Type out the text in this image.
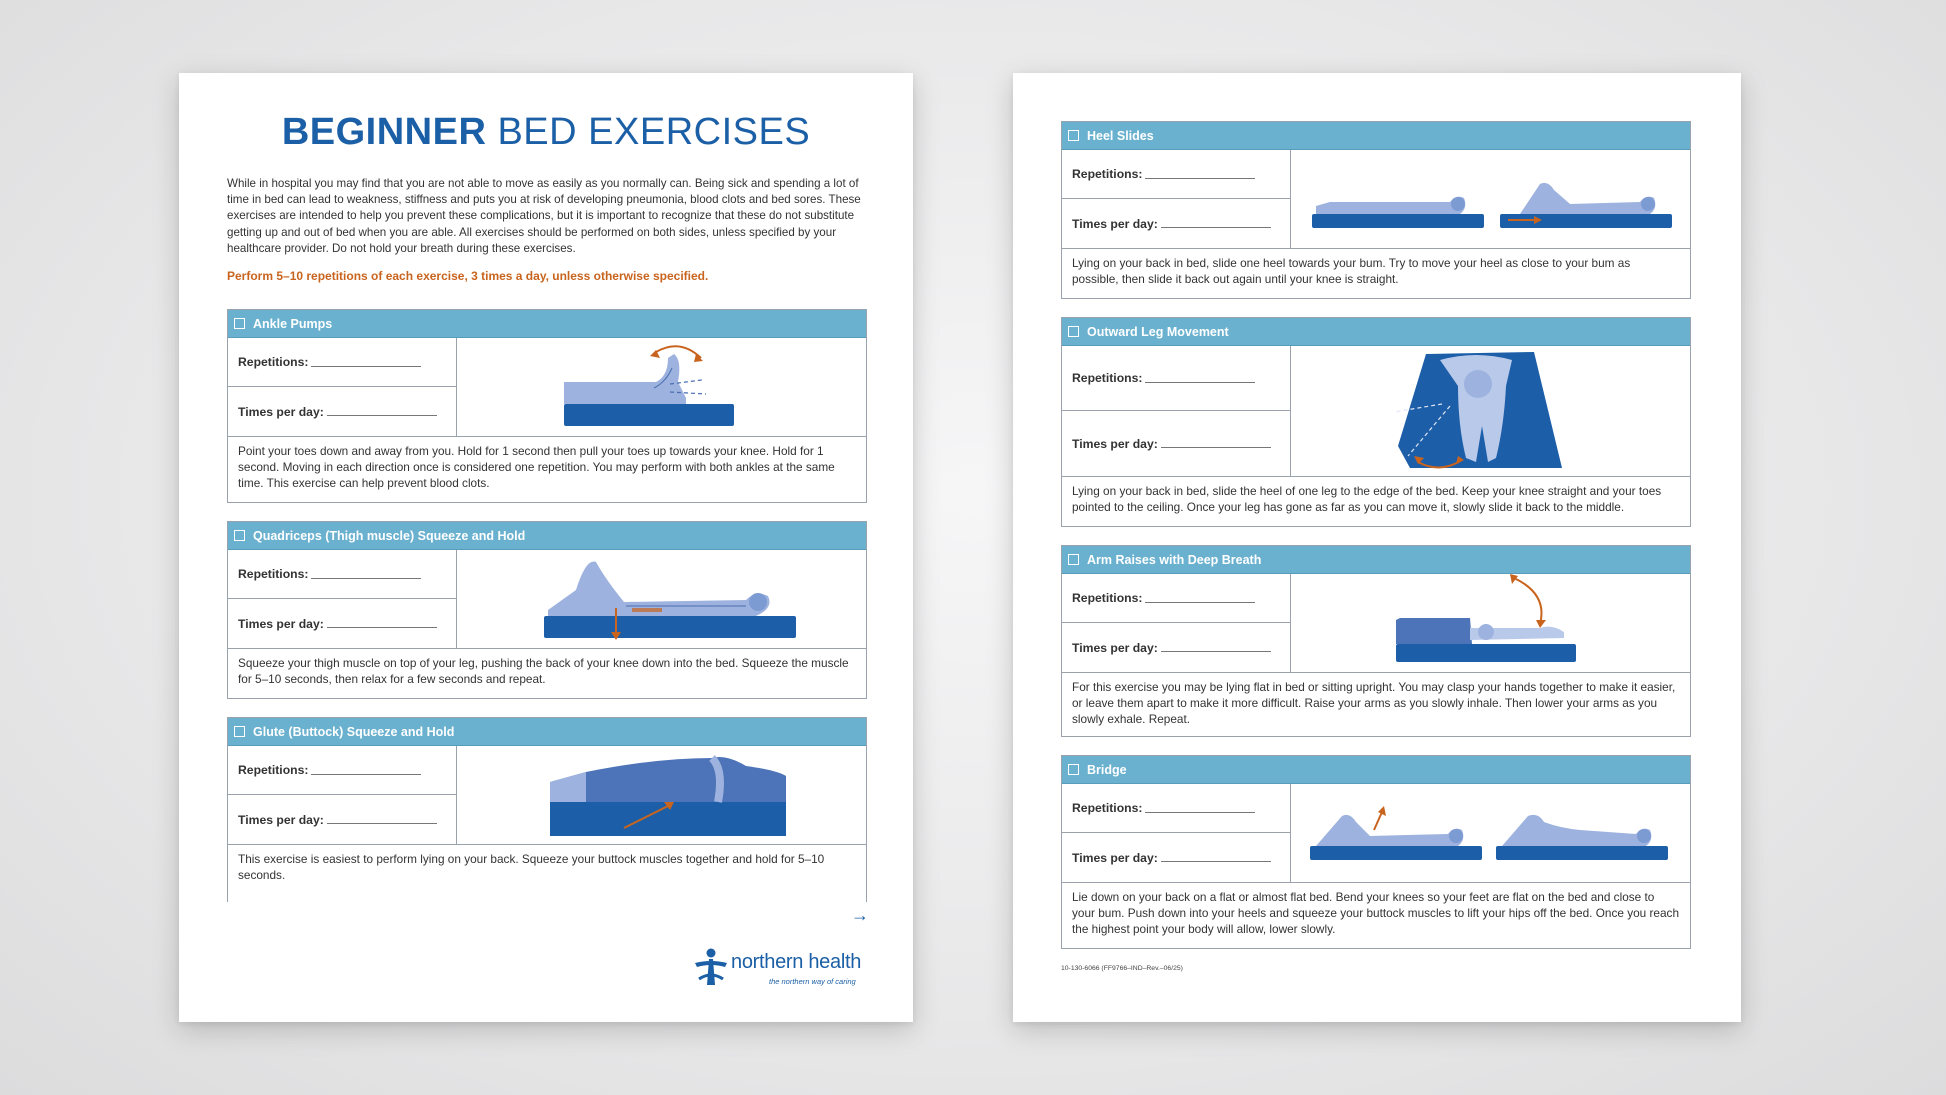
BEGINNER BED EXERCISES
While in hospital you may find that you are not able to move as easily as you normally can. Being sick and spending a lot of time in bed can lead to weakness, stiffness and puts you at risk of developing pneumonia, blood clots and bed sores. These exercises are intended to help you prevent these complications, but it is important to recognize that these do not substitute getting up and out of bed when you are able. All exercises should be performed on both sides, unless specified by your healthcare provider. Do not hold your breath during these exercises.
Perform 5–10 repetitions of each exercise, 3 times a day, unless otherwise specified.
Ankle Pumps
Repetitions:
Times per day:
Point your toes down and away from you. Hold for 1 second then pull your toes up towards your knee. Hold for 1 second. Moving in each direction once is considered one repetition. You may perform with both ankles at the same time. This exercise can help prevent blood clots.
Quadriceps (Thigh muscle) Squeeze and Hold
Repetitions:
Times per day:
Squeeze your thigh muscle on top of your leg, pushing the back of your knee down into the bed. Squeeze the muscle for 5–10 seconds, then relax for a few seconds and repeat.
Glute (Buttock) Squeeze and Hold
Repetitions:
Times per day:
This exercise is easiest to perform lying on your back. Squeeze your buttock muscles together and hold for 5–10 seconds.
→
northern health
the northern way of caring
Heel Slides
Repetitions:
Times per day:
Lying on your back in bed, slide one heel towards your bum. Try to move your heel as close to your bum as possible, then slide it back out again until your knee is straight.
Outward Leg Movement
Repetitions:
Times per day:
Lying on your back in bed, slide the heel of one leg to the edge of the bed. Keep your knee straight and your toes pointed to the ceiling. Once your leg has gone as far as you can move it, slowly slide it back to the middle.
Arm Raises with Deep Breath
Repetitions:
Times per day:
For this exercise you may be lying flat in bed or sitting upright. You may clasp your hands together to make it easier, or leave them apart to make it more difficult. Raise your arms as you slowly inhale. Then lower your arms as you slowly exhale. Repeat.
Bridge
Repetitions:
Times per day:
Lie down on your back on a flat or almost flat bed. Bend your knees so your feet are flat on the bed and close to your bum. Push down into your heels and squeeze your buttock muscles to lift your hips off the bed. Once you reach the highest point your body will allow, lower slowly.
10-130-6066 (FF9766–IND–Rev.–06/25)
